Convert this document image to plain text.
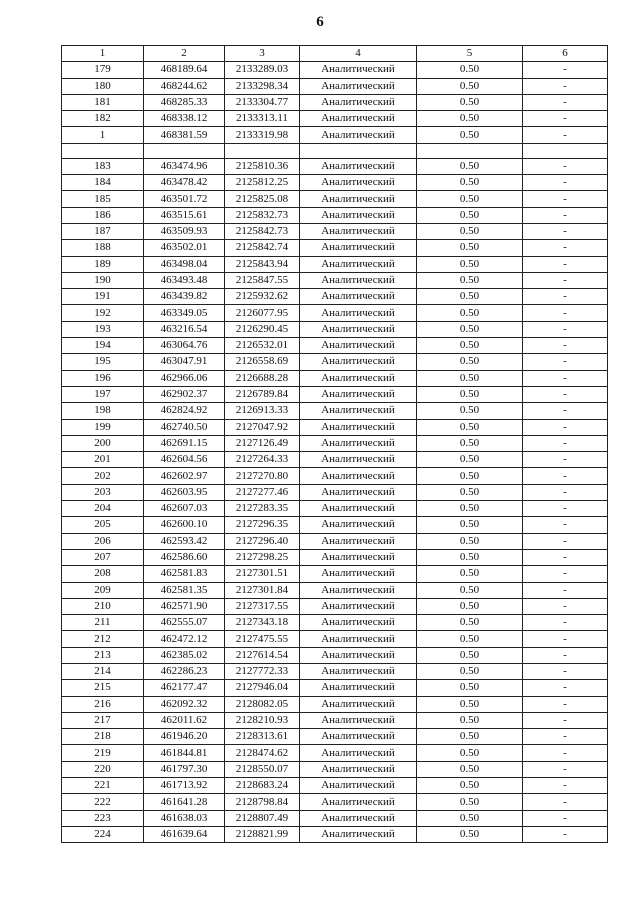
6
1	2	3	4	5	6
179	468189.64	2133289.03	Аналитический	0.50	-
180	468244.62	2133298.34	Аналитический	0.50	-
181	468285.33	2133304.77	Аналитический	0.50	-
182	468338.12	2133313.11	Аналитический	0.50	-
1	468381.59	2133319.98	Аналитический	0.50	-

183	463474.96	2125810.36	Аналитический	0.50	-
184	463478.42	2125812.25	Аналитический	0.50	-
185	463501.72	2125825.08	Аналитический	0.50	-
186	463515.61	2125832.73	Аналитический	0.50	-
187	463509.93	2125842.73	Аналитический	0.50	-
188	463502.01	2125842.74	Аналитический	0.50	-
189	463498.04	2125843.94	Аналитический	0.50	-
190	463493.48	2125847.55	Аналитический	0.50	-
191	463439.82	2125932.62	Аналитический	0.50	-
192	463349.05	2126077.95	Аналитический	0.50	-
193	463216.54	2126290.45	Аналитический	0.50	-
194	463064.76	2126532.01	Аналитический	0.50	-
195	463047.91	2126558.69	Аналитический	0.50	-
196	462966.06	2126688.28	Аналитический	0.50	-
197	462902.37	2126789.84	Аналитический	0.50	-
198	462824.92	2126913.33	Аналитический	0.50	-
199	462740.50	2127047.92	Аналитический	0.50	-
200	462691.15	2127126.49	Аналитический	0.50	-
201	462604.56	2127264.33	Аналитический	0.50	-
202	462602.97	2127270.80	Аналитический	0.50	-
203	462603.95	2127277.46	Аналитический	0.50	-
204	462607.03	2127283.35	Аналитический	0.50	-
205	462600.10	2127296.35	Аналитический	0.50	-
206	462593.42	2127296.40	Аналитический	0.50	-
207	462586.60	2127298.25	Аналитический	0.50	-
208	462581.83	2127301.51	Аналитический	0.50	-
209	462581.35	2127301.84	Аналитический	0.50	-
210	462571.90	2127317.55	Аналитический	0.50	-
211	462555.07	2127343.18	Аналитический	0.50	-
212	462472.12	2127475.55	Аналитический	0.50	-
213	462385.02	2127614.54	Аналитический	0.50	-
214	462286.23	2127772.33	Аналитический	0.50	-
215	462177.47	2127946.04	Аналитический	0.50	-
216	462092.32	2128082.05	Аналитический	0.50	-
217	462011.62	2128210.93	Аналитический	0.50	-
218	461946.20	2128313.61	Аналитический	0.50	-
219	461844.81	2128474.62	Аналитический	0.50	-
220	461797.30	2128550.07	Аналитический	0.50	-
221	461713.92	2128683.24	Аналитический	0.50	-
222	461641.28	2128798.84	Аналитический	0.50	-
223	461638.03	2128807.49	Аналитический	0.50	-
224	461639.64	2128821.99	Аналитический	0.50	-
